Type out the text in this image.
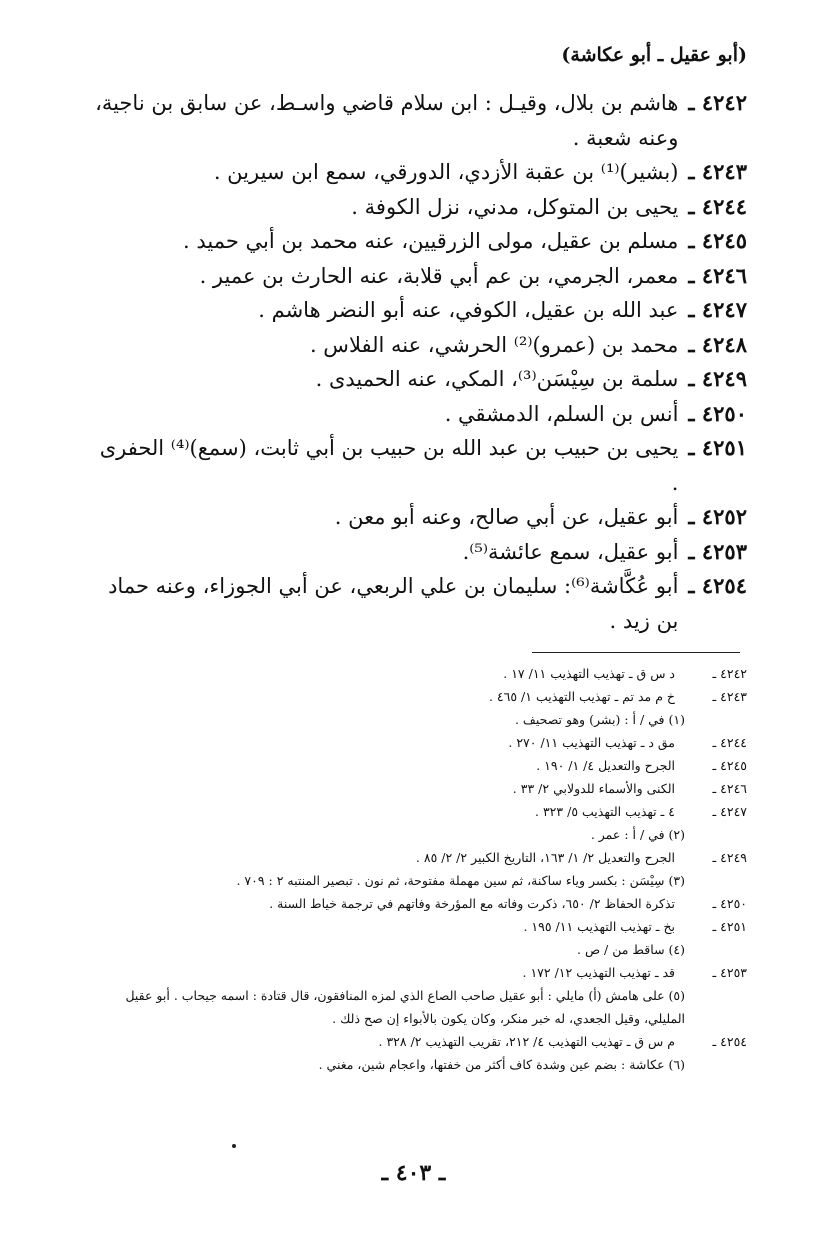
(أبو عقيل ـ أبو عكاشة)
٤٢٤٢ ـ
هاشم بن بلال، وقيـل : ابن سلام قاضي واسـط، عن سابق بن ناجية، وعنه شعبة .
٤٢٤٣ ـ
(بشير)⁽¹⁾ بن عقبة الأزدي، الدورقي، سمع ابن سيرين .
٤٢٤٤ ـ
يحيى بن المتوكل، مدني، نزل الكوفة .
٤٢٤٥ ـ
مسلم بن عقيل، مولى الزرقيين، عنه محمد بن أبي حميد .
٤٢٤٦ ـ
معمر، الجرمي، بن عم أبي قلابة، عنه الحارث بن عمير .
٤٢٤٧ ـ
عبد الله بن عقيل، الكوفي، عنه أبو النضر هاشم .
٤٢٤٨ ـ
محمد بن (عمرو)⁽²⁾ الحرشي، عنه الفلاس .
٤٢٤٩ ـ
سلمة بن سِيْسَن⁽³⁾، المكي، عنه الحميدى .
٤٢٥٠ ـ
أنس بن السلم، الدمشقي .
٤٢٥١ ـ
يحيى بن حبيب بن عبد الله بن حبيب بن أبي ثابت، (سمع)⁽⁴⁾ الحفرى .
٤٢٥٢ ـ
أبو عقيل، عن أبي صالح، وعنه أبو معن .
٤٢٥٣ ـ
أبو عقيل، سمع عائشة⁽⁵⁾.
٤٢٥٤ ـ
أبو عُكَّاشة⁽⁶⁾: سليمان بن علي الربعي، عن أبي الجوزاء، وعنه حماد بن زيد .
٤٢٤٢ ـ
د س ق ـ تهذيب التهذيب ١١/ ١٧ .
٤٢٤٣ ـ
خ م مد تم ـ تهذيب التهذيب ١/ ٤٦٥ .
(١) في / أ : (بشر) وهو تصحيف .
٤٢٤٤ ـ
مق د ـ تهذيب التهذيب ١١/ ٢٧٠ .
٤٢٤٥ ـ
الجرح والتعديل ٤/ ١/ ١٩٠ .
٤٢٤٦ ـ
الكنى والأسماء للدولابي ٢/ ٣٣ .
٤٢٤٧ ـ
٤ ـ تهذيب التهذيب ٥/ ٣٢٣ .
(٢) في / أ : عمر .
٤٢٤٩ ـ
الجرح والتعديل ٢/ ١/ ١٦٣، التاريخ الكبير ٢/ ٢/ ٨٥ .
(٣) سِيْسَن : بكسر وياء ساكنة، ثم سين مهملة مفتوحة، ثم نون . تبصير المنتبه ٢ : ٧٠٩ .
٤٢٥٠ ـ
تذكرة الحفاظ ٢/ ٦٥٠، ذكرت وفاته مع المؤرخة وفاتهم في ترجمة خياط السنة .
٤٢٥١ ـ
بخ ـ تهذيب التهذيب ١١/ ١٩٥ .
(٤) ساقط من / ص .
٤٢٥٣ ـ
قد ـ تهذيب التهذيب ١٢/ ١٧٢ .
(٥) على هامش (أ) مايلي : أبو عقيل صاحب الصاع الذي لمزه المنافقون، قال قتادة : اسمه جيحاب . أبو عقيل المليلي، وقيل الجعدي، له خبر منكر، وكان يكون بالأبواء إن صح ذلك .
٤٢٥٤ ـ
م س ق ـ تهذيب التهذيب ٤/ ٢١٢، تقريب التهذيب ٢/ ٣٢٨ .
(٦) عكاشة : بضم عين وشدة كاف أكثر من خفتها، واعجام شين، مغني .
ـ ٤٠٣ ـ
